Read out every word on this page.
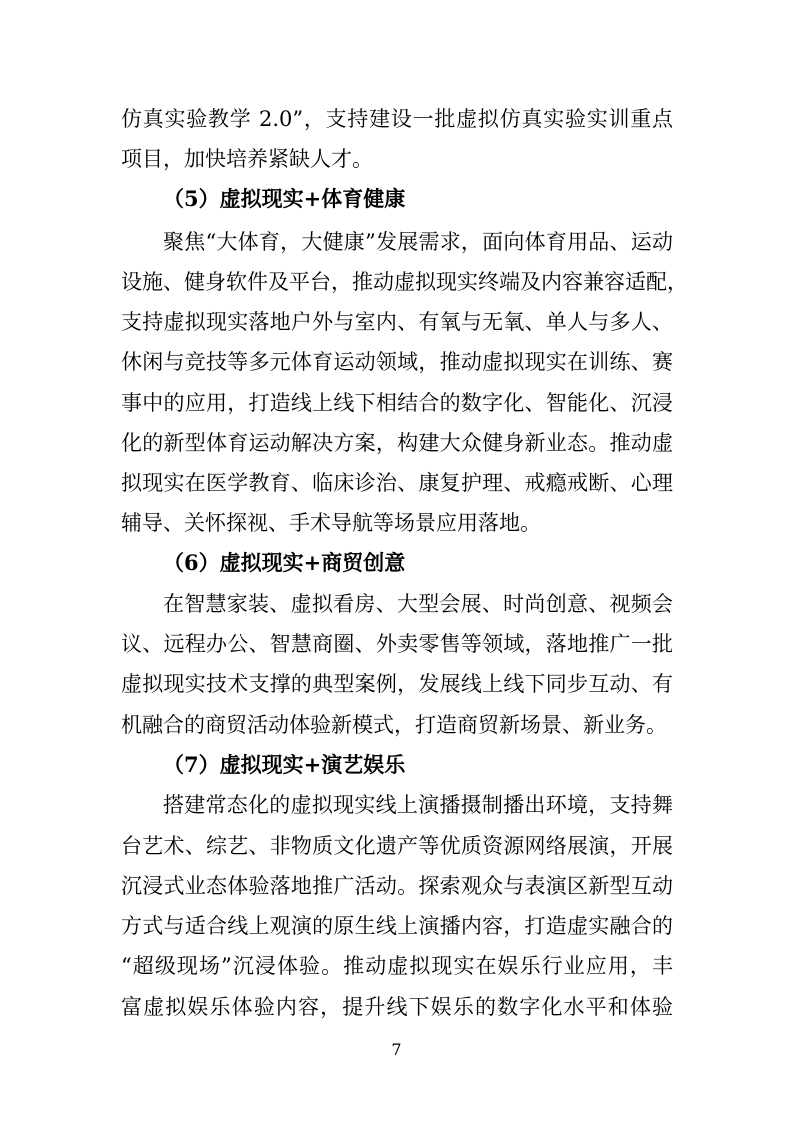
仿真实验教学 2.0”，支持建设一批虚拟仿真实验实训重点
项目，加快培养紧缺人才。
（5）虚拟现实+体育健康
聚焦“大体育，大健康”发展需求，面向体育用品、运动
设施、健身软件及平台，推动虚拟现实终端及内容兼容适配，
支持虚拟现实落地户外与室内、有氧与无氧、单人与多人、
休闲与竞技等多元体育运动领域，推动虚拟现实在训练、赛
事中的应用，打造线上线下相结合的数字化、智能化、沉浸
化的新型体育运动解决方案，构建大众健身新业态。推动虚
拟现实在医学教育、临床诊治、康复护理、戒瘾戒断、心理
辅导、关怀探视、手术导航等场景应用落地。
（6）虚拟现实+商贸创意
在智慧家装、虚拟看房、大型会展、时尚创意、视频会
议、远程办公、智慧商圈、外卖零售等领域，落地推广一批
虚拟现实技术支撑的典型案例，发展线上线下同步互动、有
机融合的商贸活动体验新模式，打造商贸新场景、新业务。
（7）虚拟现实+演艺娱乐
搭建常态化的虚拟现实线上演播摄制播出环境，支持舞
台艺术、综艺、非物质文化遗产等优质资源网络展演，开展
沉浸式业态体验落地推广活动。探索观众与表演区新型互动
方式与适合线上观演的原生线上演播内容，打造虚实融合的
“超级现场”沉浸体验。推动虚拟现实在娱乐行业应用，丰
富虚拟娱乐体验内容，提升线下娱乐的数字化水平和体验
7
